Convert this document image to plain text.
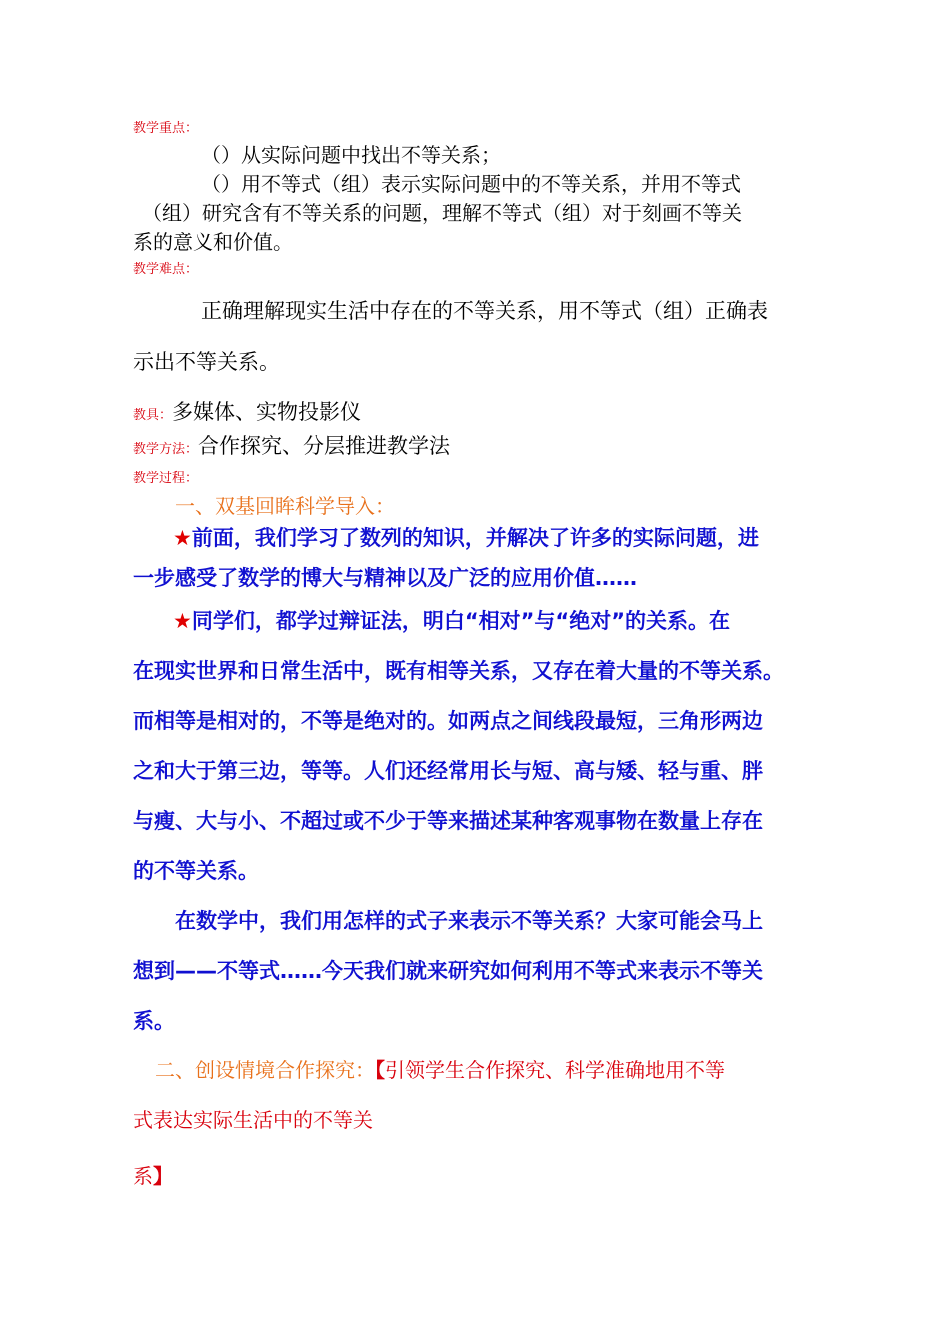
教学重点：
（）从实际问题中找出不等关系；
（）用不等式（组）表示实际问题中的不等关系，并用不等式
（组）研究含有不等关系的问题，理解不等式（组）对于刻画不等关
系的意义和价值。
教学难点：
正确理解现实生活中存在的不等关系，用不等式（组）正确表
示出不等关系。
教具：多媒体、实物投影仪
教学方法：合作探究、分层推进教学法
教学过程：
一、双基回眸科学导入：
★前面，我们学习了数列的知识，并解决了许多的实际问题，进
一步感受了数学的博大与精神以及广泛的应用价值……
★同学们，都学过辩证法，明白“相对”与“绝对”的关系。在
在现实世界和日常生活中，既有相等关系，又存在着大量的不等关系。
而相等是相对的，不等是绝对的。如两点之间线段最短，三角形两边
之和大于第三边，等等。人们还经常用长与短、高与矮、轻与重、胖
与瘦、大与小、不超过或不少于等来描述某种客观事物在数量上存在
的不等关系。
在数学中，我们用怎样的式子来表示不等关系？大家可能会马上
想到——不等式……今天我们就来研究如何利用不等式来表示不等关
系。
二、创设情境合作探究：【引领学生合作探究、科学准确地用不等
式表达实际生活中的不等关
系】
